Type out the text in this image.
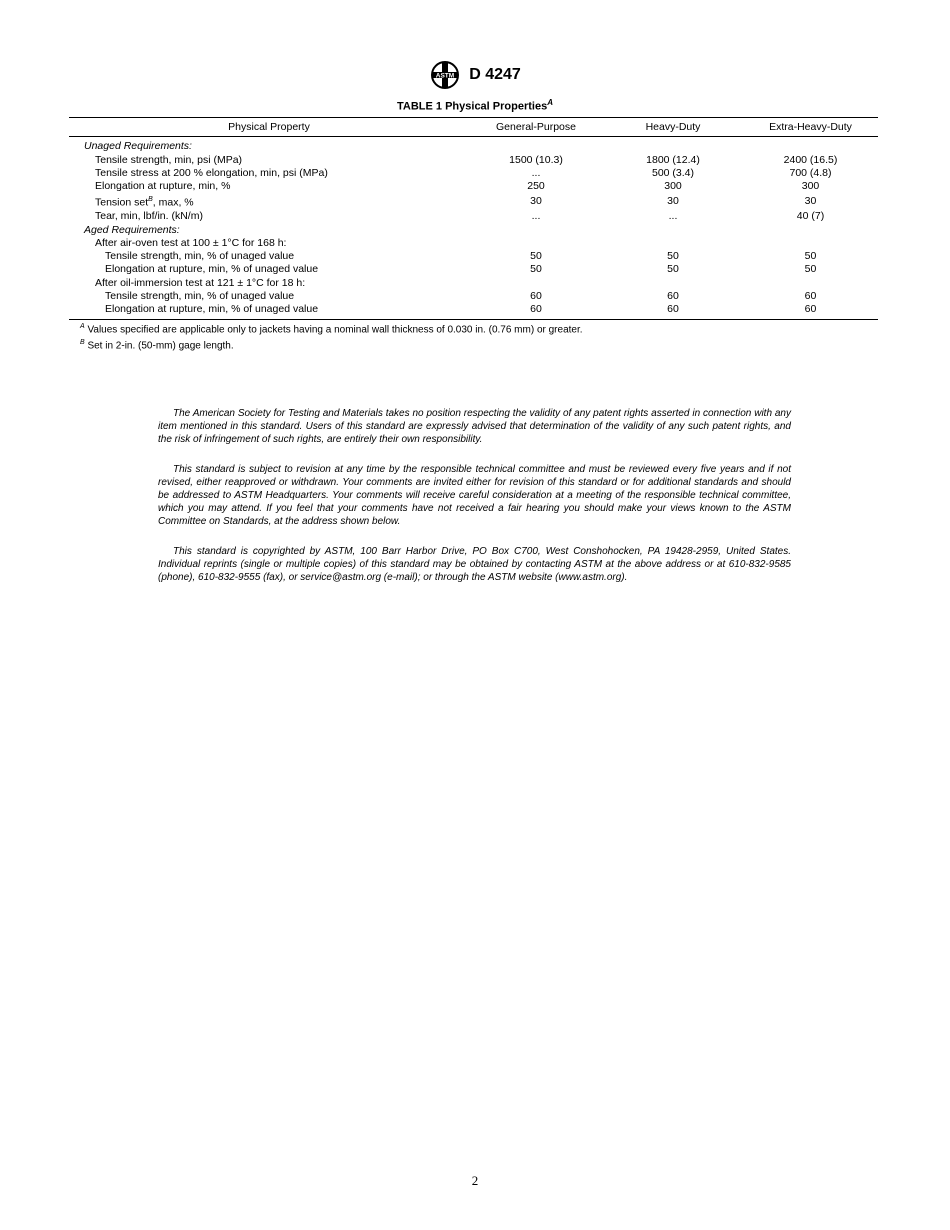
ASTM D 4247
TABLE 1 Physical Properties$^A$
Physical Property	General-Purpose	Heavy-Duty	Extra-Heavy-Duty
Unaged Requirements:			
Tensile strength, min, psi (MPa)	1500 (10.3)	1800 (12.4)	2400 (16.5)
Tensile stress at 200 % elongation, min, psi (MPa)	...	500 (3.4)	700 (4.8)
Elongation at rupture, min, %	250	300	300
Tension set$^B$, max, %	30	30	30
Tear, min, lbf/in. (kN/m)	...	...	40 (7)
Aged Requirements:			
After air-oven test at 100 ± 1°C for 168 h:			
Tensile strength, min, % of unaged value	50	50	50
Elongation at rupture, min, % of unaged value	50	50	50
After oil-immersion test at 121 ± 1°C for 18 h:			
Tensile strength, min, % of unaged value	60	60	60
Elongation at rupture, min, % of unaged value	60	60	60
$^A$ Values specified are applicable only to jackets having a nominal wall thickness of 0.030 in. (0.76 mm) or greater.
$^B$ Set in 2-in. (50-mm) gage length.

The American Society for Testing and Materials takes no position respecting the validity of any patent rights asserted in connection with any item mentioned in this standard. Users of this standard are expressly advised that determination of the validity of any such patent rights, and the risk of infringement of such rights, are entirely their own responsibility.

This standard is subject to revision at any time by the responsible technical committee and must be reviewed every five years and if not revised, either reapproved or withdrawn. Your comments are invited either for revision of this standard or for additional standards and should be addressed to ASTM Headquarters. Your comments will receive careful consideration at a meeting of the responsible technical committee, which you may attend. If you feel that your comments have not received a fair hearing you should make your views known to the ASTM Committee on Standards, at the address shown below.

This standard is copyrighted by ASTM, 100 Barr Harbor Drive, PO Box C700, West Conshohocken, PA 19428-2959, United States. Individual reprints (single or multiple copies) of this standard may be obtained by contacting ASTM at the above address or at 610-832-9585 (phone), 610-832-9555 (fax), or service@astm.org (e-mail); or through the ASTM website (www.astm.org).

2
